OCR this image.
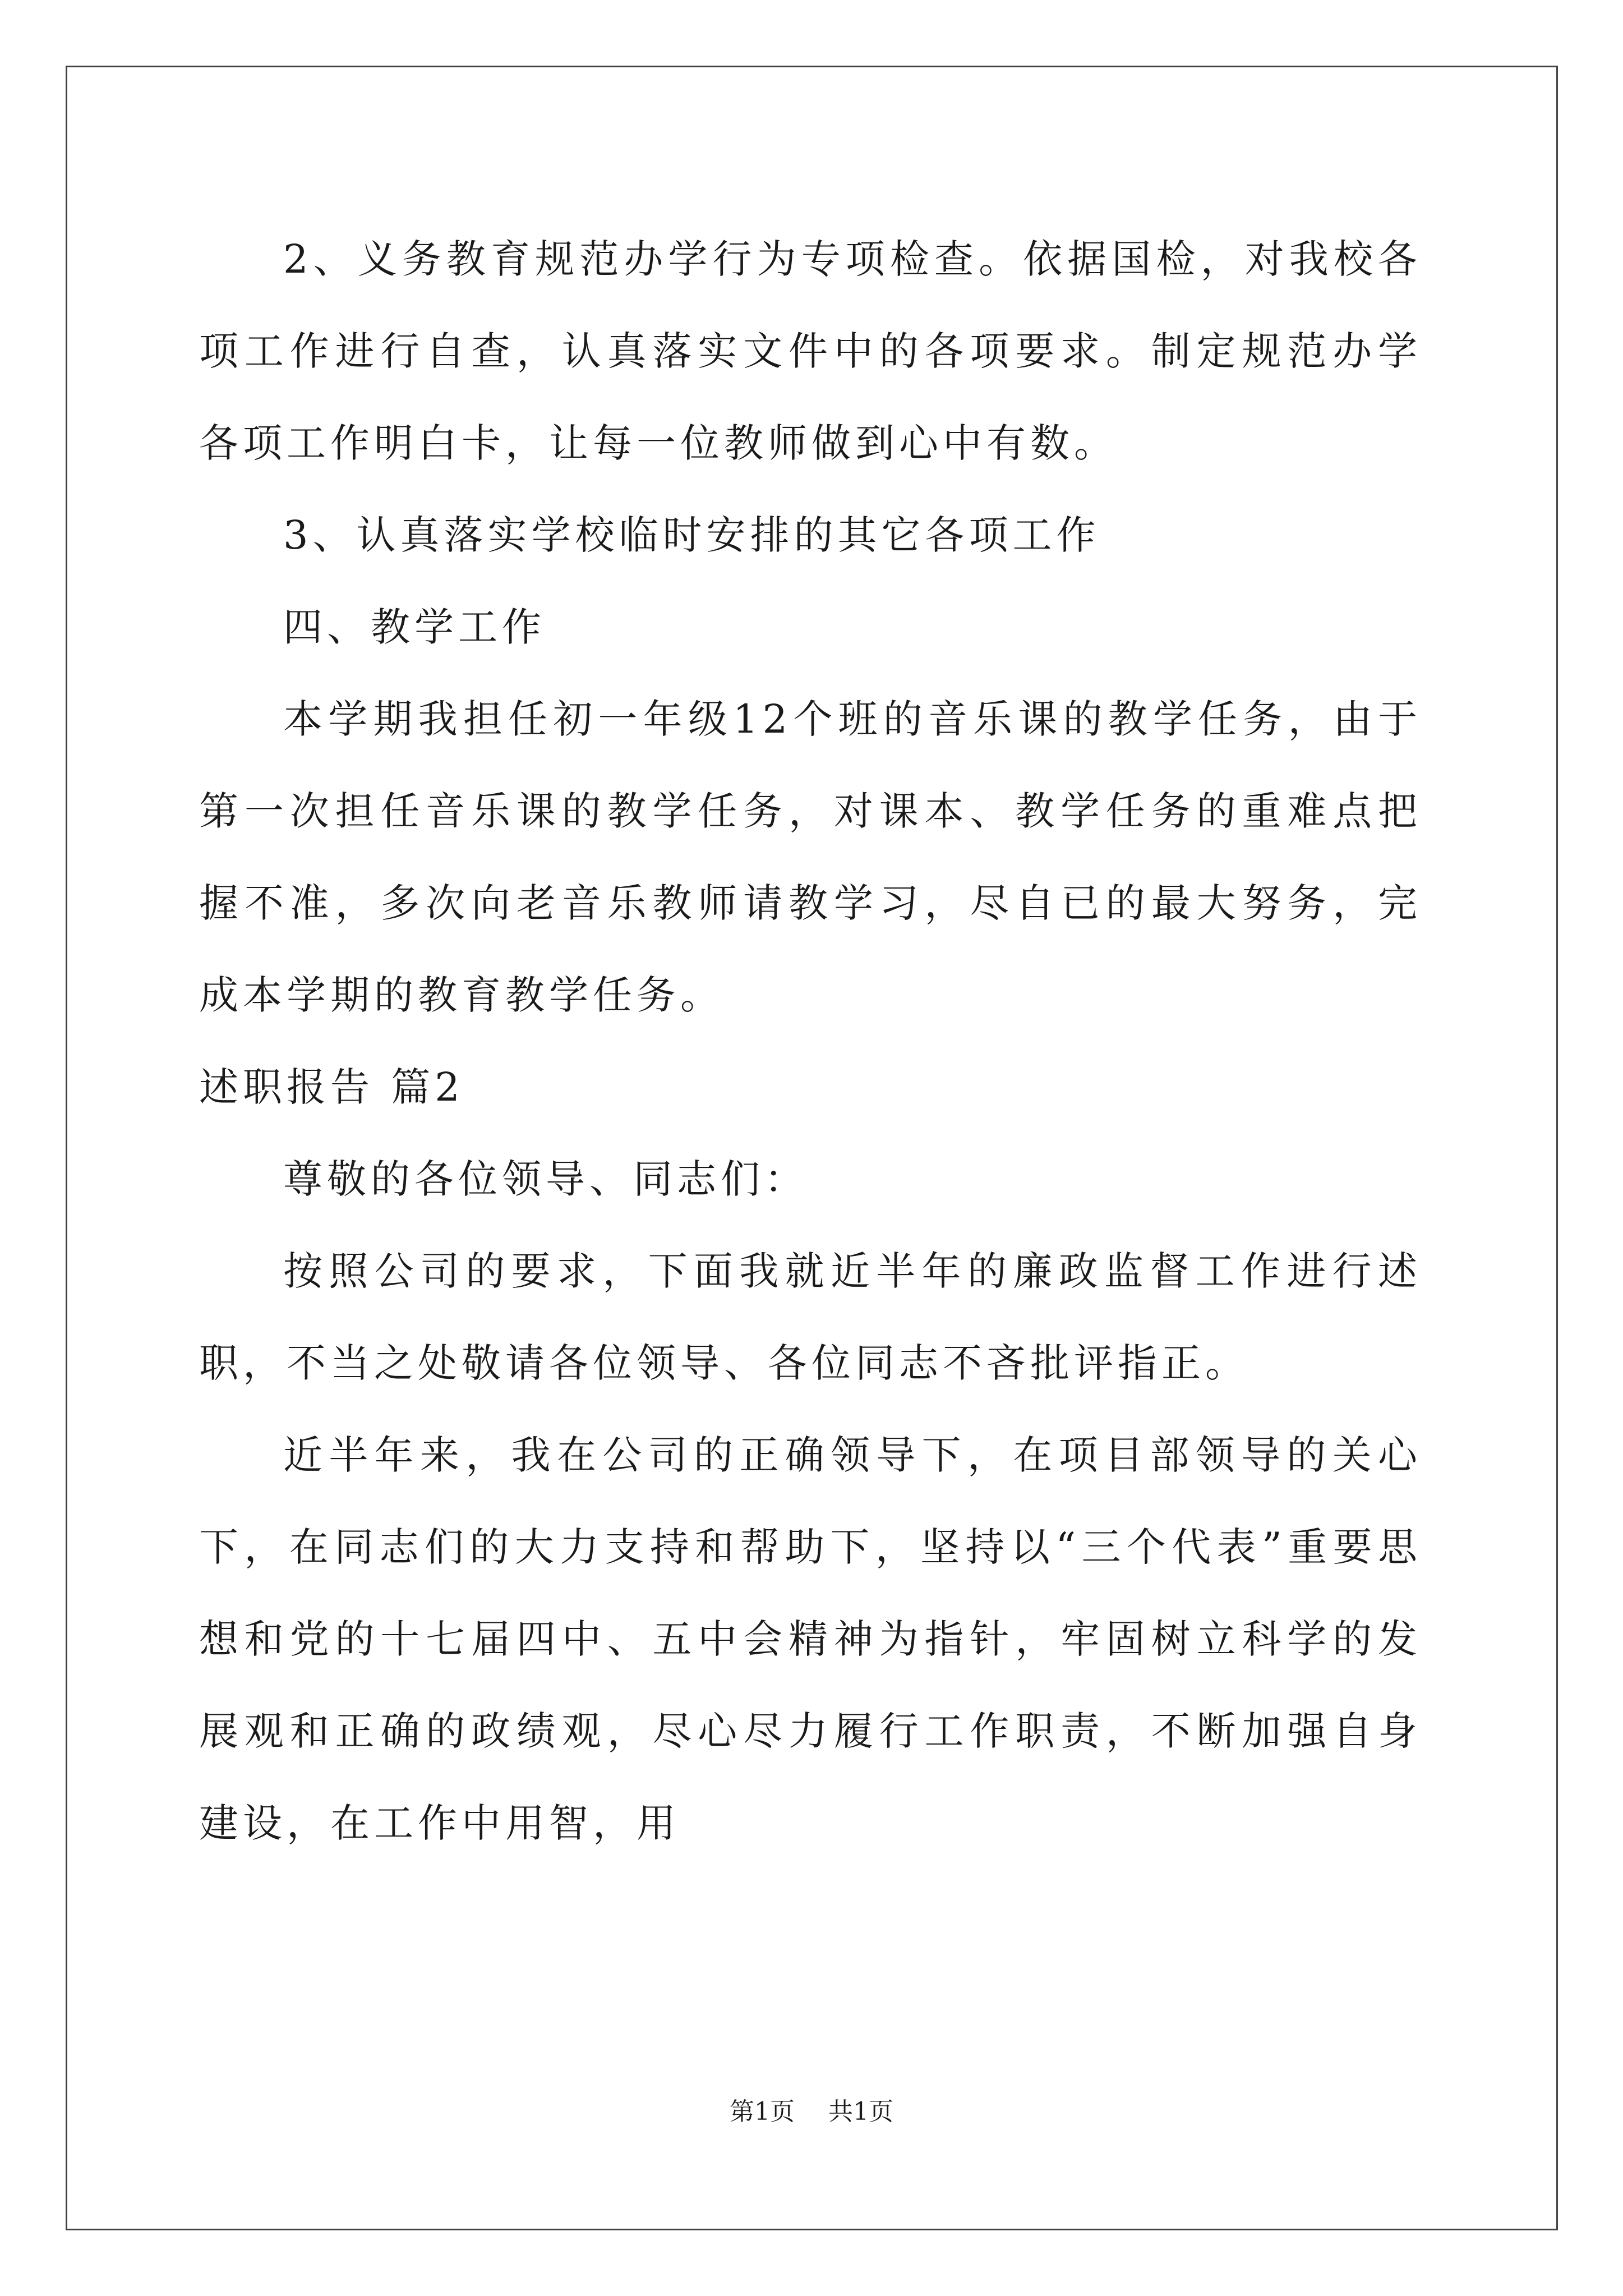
2、义务教育规范办学行为专项检查。依据国检，对我校各项工作进行自查，认真落实文件中的各项要求。制定规范办学各项工作明白卡，让每一位教师做到心中有数。

3、认真落实学校临时安排的其它各项工作

四、教学工作

本学期我担任初一年级12个班的音乐课的教学任务，由于第一次担任音乐课的教学任务，对课本、教学任务的重难点把握不准，多次向老音乐教师请教学习，尽自已的最大努务，完成本学期的教育教学任务。

述职报告 篇2

尊敬的各位领导、同志们：

按照公司的要求，下面我就近半年的廉政监督工作进行述职，不当之处敬请各位领导、各位同志不吝批评指正。

近半年来，我在公司的正确领导下，在项目部领导的关心下，在同志们的大力支持和帮助下，坚持以“三个代表”重要思想和党的十七届四中、五中会精神为指针，牢固树立科学的发展观和正确的政绩观，尽心尽力履行工作职责，不断加强自身建设，在工作中用智，用

第1页 共1页
